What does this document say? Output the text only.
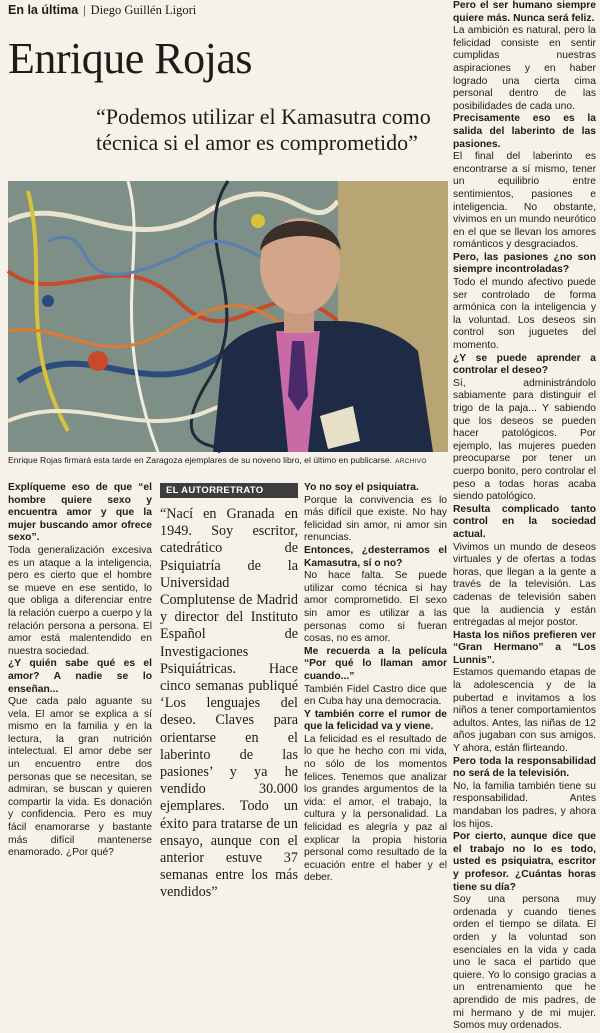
En la última | Diego Guillén Ligori
Enrique Rojas
“Podemos utilizar el Kamasutra como técnica si el amor es comprometido”
Enrique Rojas firmará esta tarde en Zaragoza ejemplares de su noveno libro, el último en publicarse. ARCHIVO

Explíqueme eso de que “el hombre quiere sexo y encuentra amor y que la mujer buscando amor ofrece sexo”.

Toda generalización excesiva es un ataque a la inteligencia, pero es cierto que el hombre se mueve en ese sentido, lo que obliga a diferenciar entre la relación cuerpo a cuerpo y la relación persona a persona. El amor está malentendido en nuestra sociedad.

¿Y quién sabe qué es el amor? A nadie se lo enseñan...

Que cada palo aguante su vela. El amor se explica a sí mismo en la familia y en la lectura, la gran nutrición intelectual. El amor debe ser un encuentro entre dos personas que se necesitan, se admiran, se buscan y quieren compartir la vida. Es donación y confidencia. Pero es muy fácil enamorarse y bastante más difícil mantenerse enamorado. ¿Por qué?

EL AUTORRETRATO
“Nací en Granada en 1949. Soy escritor, catedrático de Psiquiatría de la Universidad Complutense de Madrid y director del Instituto Español de Investigaciones Psiquiátricas. Hace cinco semanas publiqué ‘Los lenguajes del deseo. Claves para orientarse en el laberinto de las pasiones’ y ya he vendido 30.000 ejemplares. Todo un éxito para tratarse de un ensayo, aunque con el anterior estuve 37 semanas entre los más vendidos”

Yo no soy el psiquiatra.

Porque la convivencia es lo más difícil que existe. No hay felicidad sin amor, ni amor sin renuncias.

Entonces, ¿desterramos el Kamasutra, sí o no?

No hace falta. Se puede utilizar como técnica si hay amor comprometido. El sexo sin amor es utilizar a las personas como si fueran cosas, no es amor.

Me recuerda a la película “Por qué lo llaman amor cuando...”

También Fidel Castro dice que en Cuba hay una democracia.

Y también corre el rumor de que la felicidad va y viene.

La felicidad es el resultado de lo que he hecho con mi vida, no sólo de los momentos felices. Tenemos que analizar los grandes argumentos de la vida: el amor, el trabajo, la cultura y la personalidad. La felicidad es alegría y paz al explicar la propia historia personal como resultado de la ecuación entre el haber y el deber.

Pero el ser humano siempre quiere más. Nunca será feliz.

La ambición es natural, pero la felicidad consiste en sentir cumplidas nuestras aspiraciones y en haber logrado una cierta cima personal dentro de las posibilidades de cada uno.

Precisamente eso es la salida del laberinto de las pasiones.

El final del laberinto es encontrarse a sí mismo, tener un equilibrio entre sentimientos, pasiones e inteligencia. No obstante, vivimos en un mundo neurótico en el que se llevan los amores románticos y desgraciados.

Pero, las pasiones ¿no son siempre incontroladas?

Todo el mundo afectivo puede ser controlado de forma armónica con la inteligencia y la voluntad. Los deseos sin control son juguetes del momento.

¿Y se puede aprender a controlar el deseo?

Sí, administrándolo sabiamente para distinguir el trigo de la paja... Y sabiendo que los deseos se pueden hacer patológicos. Por ejemplo, las mujeres pueden preocuparse por tener un cuerpo bonito, pero controlar el peso a todas horas acaba siendo patológico.

Resulta complicado tanto control en la sociedad actual.

Vivimos un mundo de deseos virtuales y de ofertas a todas horas, que llegan a la gente a través de la televisión. Las cadenas de televisión saben que la audiencia y están entregadas al mejor postor.

Hasta los niños prefieren ver “Gran Hermano” a “Los Lunnis”.

Estamos quemando etapas de la adolescencia y de la pubertad e invitamos a los niños a tener comportamientos adultos. Antes, las niñas de 12 años jugaban con sus amigos. Y ahora, están flirteando.

Pero toda la responsabilidad no será de la televisión.

No, la familia también tiene su responsabilidad. Antes mandaban los padres, y ahora los hijos.

Por cierto, aunque dice que el trabajo no lo es todo, usted es psiquiatra, escritor y profesor. ¿Cuántas horas tiene su día?

Soy una persona muy ordenada y cuando tienes orden el tiempo se dilata. El orden y la voluntad son esenciales en la vida y cada uno le saca el partido que quiere. Yo lo consigo gracias a un entrenamiento que he aprendido de mis padres, de mi hermano y de mi mujer. Somos muy ordenados.
